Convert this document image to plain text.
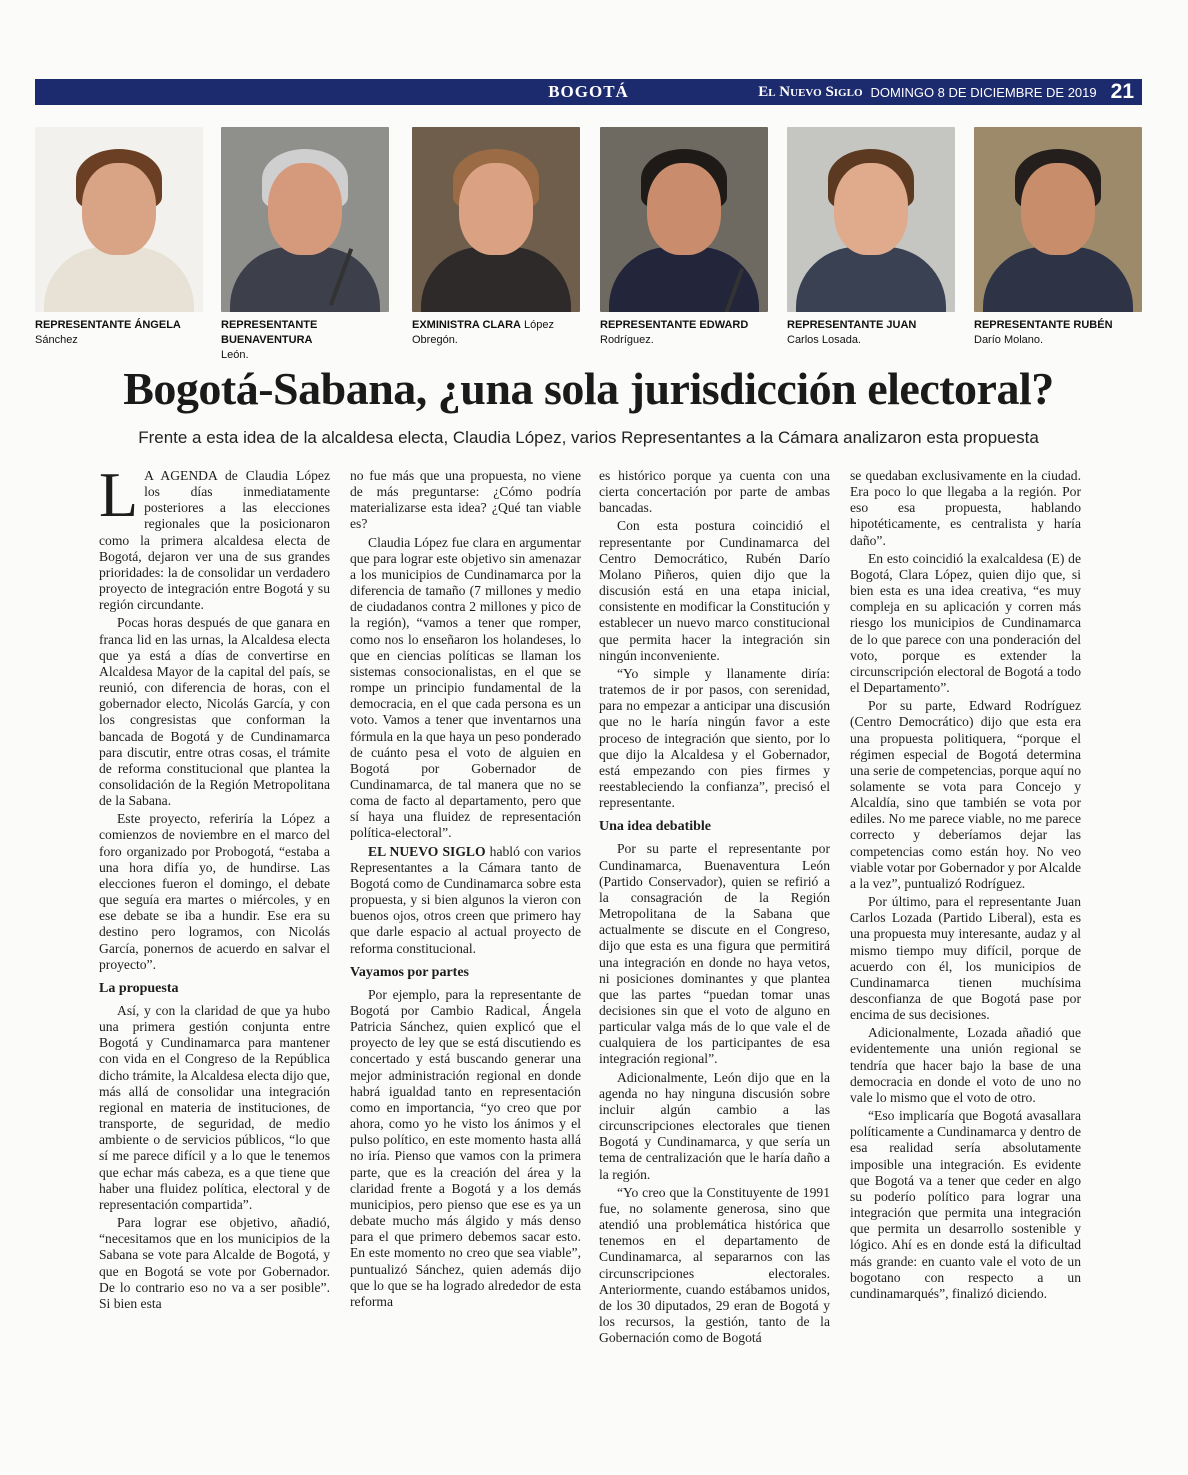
BOGOTÁ	El Nuevo Siglo DOMINGO 8 DE DICIEMBRE DE 2019 21
REPRESENTANTE ÁNGELA
Sánchez
REPRESENTANTE BUENAVENTURA
León.
EXMINISTRA CLARA López Obregón.
REPRESENTANTE EDWARD
Rodríguez.
REPRESENTANTE JUAN
Carlos Losada.
REPRESENTANTE RUBÉN
Darío Molano.
Bogotá-Sabana, ¿una sola jurisdicción electoral?
Frente a esta idea de la alcaldesa electa, Claudia López, varios Representantes a la Cámara analizaron esta propuesta

L A AGENDA de Claudia López los días inmediatamente posteriores a las elecciones regionales que la posicionaron como la primera alcaldesa electa de Bogotá, dejaron ver una de sus grandes prioridades: la de consolidar un verdadero proyecto de integración entre Bogotá y su región circundante.

Pocas horas después de que ganara en franca lid en las urnas, la Alcaldesa electa que ya está a días de convertirse en Alcaldesa Mayor de la capital del país, se reunió, con diferencia de horas, con el gobernador electo, Nicolás García, y con los congresistas que conforman la bancada de Bogotá y de Cundinamarca para discutir, entre otras cosas, el trámite de reforma constitucional que plantea la consolidación de la Región Metropolitana de la Sabana.

Este proyecto, referiría la López a comienzos de noviembre en el marco del foro organizado por Probogotá, “estaba a una hora difía yo, de hundirse. Las elecciones fueron el domingo, el debate que seguía era martes o miércoles, y en ese debate se iba a hundir. Ese era su destino pero logramos, con Nicolás García, ponernos de acuerdo en salvar el proyecto”.

La propuesta

Así, y con la claridad de que ya hubo una primera gestión conjunta entre Bogotá y Cundinamarca para mantener con vida en el Congreso de la República dicho trámite, la Alcaldesa electa dijo que, más allá de consolidar una integración regional en materia de instituciones, de transporte, de seguridad, de medio ambiente o de servicios públicos, “lo que sí me parece difícil y a lo que le tenemos que echar más cabeza, es a que tiene que haber una fluidez política, electoral y de representación compartida”.

Para lograr ese objetivo, añadió, “necesitamos que en los municipios de la Sabana se vote para Alcalde de Bogotá, y que en Bogotá se vote por Gobernador. De lo contrario eso no va a ser posible”. Si bien esta

no fue más que una propuesta, no viene de más preguntarse: ¿Cómo podría materializarse esta idea? ¿Qué tan viable es?

Claudia López fue clara en argumentar que para lograr este objetivo sin amenazar a los municipios de Cundinamarca por la diferencia de tamaño (7 millones y medio de ciudadanos contra 2 millones y pico de la región), “vamos a tener que romper, como nos lo enseñaron los holandeses, lo que en ciencias políticas se llaman los sistemas consocionalistas, en el que se rompe un principio fundamental de la democracia, en el que cada persona es un voto. Vamos a tener que inventarnos una fórmula en la que haya un peso ponderado de cuánto pesa el voto de alguien en Bogotá por Gobernador de Cundinamarca, de tal manera que no se coma de facto al departamento, pero que sí haya una fluidez de representación política-electoral”.

EL NUEVO SIGLO habló con varios Representantes a la Cámara tanto de Bogotá como de Cundinamarca sobre esta propuesta, y si bien algunos la vieron con buenos ojos, otros creen que primero hay que darle espacio al actual proyecto de reforma constitucional.

Vayamos por partes

Por ejemplo, para la representante de Bogotá por Cambio Radical, Ángela Patricia Sánchez, quien explicó que el proyecto de ley que se está discutiendo es concertado y está buscando generar una mejor administración regional en donde habrá igualdad tanto en representación como en importancia, “yo creo que por ahora, como yo he visto los ánimos y el pulso político, en este momento hasta allá no iría. Pienso que vamos con la primera parte, que es la creación del área y la claridad frente a Bogotá y a los demás municipios, pero pienso que ese es ya un debate mucho más álgido y más denso para el que primero debemos sacar esto. En este momento no creo que sea viable”, puntualizó Sánchez, quien además dijo que lo que se ha logrado alrededor de esta reforma

es histórico porque ya cuenta con una cierta concertación por parte de ambas bancadas.

Con esta postura coincidió el representante por Cundinamarca del Centro Democrático, Rubén Darío Molano Piñeros, quien dijo que la discusión está en una etapa inicial, consistente en modificar la Constitución y establecer un nuevo marco constitucional que permita hacer la integración sin ningún inconveniente.

“Yo simple y llanamente diría: tratemos de ir por pasos, con serenidad, para no empezar a anticipar una discusión que no le haría ningún favor a este proceso de integración que siento, por lo que dijo la Alcaldesa y el Gobernador, está empezando con pies firmes y reestableciendo la confianza”, precisó el representante.

Una idea debatible

Por su parte el representante por Cundinamarca, Buenaventura León (Partido Conservador), quien se refirió a la consagración de la Región Metropolitana de la Sabana que actualmente se discute en el Congreso, dijo que esta es una figura que permitirá una integración en donde no haya vetos, ni posiciones dominantes y que plantea que las partes “puedan tomar unas decisiones sin que el voto de alguno en particular valga más de lo que vale el de cualquiera de los participantes de esa integración regional”.

Adicionalmente, León dijo que en la agenda no hay ninguna discusión sobre incluir algún cambio a las circunscripciones electorales que tienen Bogotá y Cundinamarca, y que sería un tema de centralización que le haría daño a la región.

“Yo creo que la Constituyente de 1991 fue, no solamente generosa, sino que atendió una problemática histórica que tenemos en el departamento de Cundinamarca, al separarnos con las circunscripciones electorales. Anteriormente, cuando estábamos unidos, de los 30 diputados, 29 eran de Bogotá y los recursos, la gestión, tanto de la Gobernación como de Bogotá

se quedaban exclusivamente en la ciudad. Era poco lo que llegaba a la región. Por eso esa propuesta, hablando hipotéticamente, es centralista y haría daño”.

En esto coincidió la exalcaldesa (E) de Bogotá, Clara López, quien dijo que, si bien esta es una idea creativa, “es muy compleja en su aplicación y corren más riesgo los municipios de Cundinamarca de lo que parece con una ponderación del voto, porque es extender la circunscripción electoral de Bogotá a todo el Departamento”.

Por su parte, Edward Rodríguez (Centro Democrático) dijo que esta era una propuesta politiquera, “porque el régimen especial de Bogotá determina una serie de competencias, porque aquí no solamente se vota para Concejo y Alcaldía, sino que también se vota por ediles. No me parece viable, no me parece correcto y deberíamos dejar las competencias como están hoy. No veo viable votar por Gobernador y por Alcalde a la vez”, puntualizó Rodríguez.

Por último, para el representante Juan Carlos Lozada (Partido Liberal), esta es una propuesta muy interesante, audaz y al mismo tiempo muy difícil, porque de acuerdo con él, los municipios de Cundinamarca tienen muchísima desconfianza de que Bogotá pase por encima de sus decisiones.

Adicionalmente, Lozada añadió que evidentemente una unión regional se tendría que hacer bajo la base de una democracia en donde el voto de uno no vale lo mismo que el voto de otro.

“Eso implicaría que Bogotá avasallara políticamente a Cundinamarca y dentro de esa realidad sería absolutamente imposible una integración. Es evidente que Bogotá va a tener que ceder en algo su poderío político para lograr una integración que permita una integración que permita un desarrollo sostenible y lógico. Ahí es en donde está la dificultad más grande: en cuanto vale el voto de un bogotano con respecto a un cundinamarqués”, finalizó diciendo.
